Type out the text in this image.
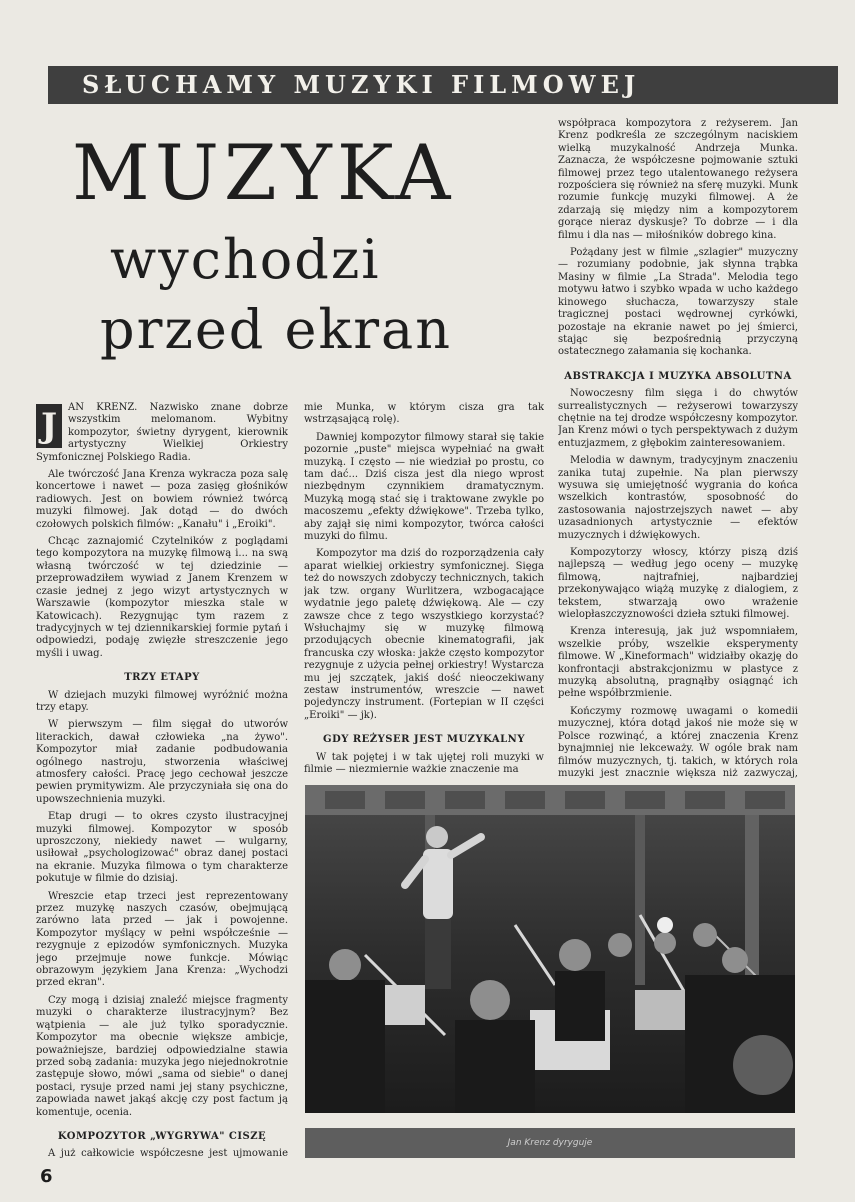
SŁUCHAMY MUZYKI FILMOWEJ
MUZYKA
wychodzi
przed ekran

J	AN KRENZ. Nazwisko znane dobrze wszystkim melomanom. Wybitny kompozytor, świetny dyrygent, kierownik artystyczny Wielkiej Orkiestry Symfonicznej Polskiego Radia.

Ale twórczość Jana Krenza wykracza poza salę koncertowe i nawet — poza zasięg głośników radiowych. Jest on bowiem również twórcą muzyki filmowej. Jak dotąd — do dwóch czołowych polskich filmów: „Kanału" i „Eroiki".

Chcąc zaznajomić Czytelników z poglądami tego kompozytora na muzykę filmową i... na swą własną twórczość w tej dziedzinie — przeprowadziłem wywiad z Janem Krenzem w czasie jednej z jego wizyt artystycznych w Warszawie (kompozytor mieszka stale w Katowicach). Rezygnując tym razem z tradycyjnych w tej dziennikarskiej formie pytań i odpowiedzi, podaję zwięzłe streszczenie jego myśli i uwag.

TRZY ETAPY

W dziejach muzyki filmowej wyróżnić można trzy etapy.

W pierwszym — film sięgał do utworów literackich, dawał człowieka „na żywo". Kompozytor miał zadanie podbudowania ogólnego nastroju, stworzenia właściwej atmosfery całości. Pracę jego cechował jeszcze pewien prymitywizm. Ale przyczyniała się ona do upowszechnienia muzyki.

Etap drugi — to okres czysto ilustracyjnej muzyki filmowej. Kompozytor w sposób uproszczony, niekiedy nawet — wulgarny, usiłował „psychologizować" obraz danej postaci na ekranie. Muzyka filmowa o tym charakterze pokutuje w filmie do dzisiaj.

Wreszcie etap trzeci jest reprezentowany przez muzykę naszych czasów, obejmującą zarówno lata przed — jak i powojenne. Kompozytor myślący w pełni współcześnie — rezygnuje z epizodów symfonicznych. Muzyka jego przejmuje nowe funkcje. Mówiąc obrazowym językiem Jana Krenza: „Wychodzi przed ekran".

Czy mogą i dzisiaj znaleźć miejsce fragmenty muzyki o charakterze ilustracyjnym? Bez wątpienia — ale już tylko sporadycznie. Kompozytor ma obecnie większe ambicje, poważniejsze, bardziej odpowiedzialne stawia przed sobą zadania: muzyka jego niejednokrotnie zastępuje słowo, mówi „sama od siebie" o danej postaci, rysuje przed nami jej stany psychiczne, zapowiada nawet jakąś akcję czy post factum ją komentuje, ocenia.

KOMPOZYTOR „WYGRYWA" CISZĘ

A już całkowicie współczesne jest ujmowanie

mie Munka, w którym cisza gra tak wstrząsającą rolę).

Dawniej kompozytor filmowy starał się takie pozornie „puste" miejsca wypełniać na gwałt muzyką. I często — nie wiedział po prostu, co tam dać... Dziś cisza jest dla niego wprost niezbędnym czynnikiem dramatycznym. Muzyką mogą stać się i traktowane zwykle po macoszemu „efekty dźwiękowe". Trzeba tylko, aby zajął się nimi kompozytor, twórca całości muzyki do filmu.

Kompozytor ma dziś do rozporządzenia cały aparat wielkiej orkiestry symfonicznej. Sięga też do nowszych zdobyczy technicznych, takich jak tzw. organy Wurlitzera, wzbogacające wydatnie jego paletę dźwiękową. Ale — czy zawsze chce z tego wszystkiego korzystać? Wsłuchajmy się w muzykę filmową przodujących obecnie kinematografii, jak francuska czy włoska: jakże często kompozytor rezygnuje z użycia pełnej orkiestry! Wystarcza mu jej szczątek, jakiś dość nieoczekiwany zestaw instrumentów, wreszcie — nawet pojedynczy instrument. (Fortepian w II części „Eroiki" — jk).

GDY REŻYSER JEST MUZYKALNY

W tak pojętej i w tak ujętej roli muzyki w filmie — niezmiernie ważkie znaczenie ma

współpraca kompozytora z reżyserem. Jan Krenz podkreśla ze szczególnym naciskiem wielką muzykalność Andrzeja Munka. Zaznacza, że współczesne pojmowanie sztuki filmowej przez tego utalentowanego reżysera rozpościera się również na sferę muzyki. Munk rozumie funkcję muzyki filmowej. A że zdarzają się między nim a kompozytorem gorące nieraz dyskusje? To dobrze — i dla filmu i dla nas — miłośników dobrego kina.

Pożądany jest w filmie „szlagier" muzyczny — rozumiany podobnie, jak słynna trąbka Masiny w filmie „La Strada". Melodia tego motywu łatwo i szybko wpada w ucho każdego kinowego słuchacza, towarzyszy stale tragicznej postaci wędrownej cyrkówki, pozostaje na ekranie nawet po jej śmierci, stając się bezpośrednią przyczyną ostatecznego załamania się kochanka.

ABSTRAKCJA I MUZYKA ABSOLUTNA

Nowoczesny film sięga i do chwytów surrealistycznych — reżyserowi towarzyszy chętnie na tej drodze współczesny kompozytor. Jan Krenz mówi o tych perspektywach z dużym entuzjazmem, z głębokim zainteresowaniem.

Melodia w dawnym, tradycyjnym znaczeniu zanika tutaj zupełnie. Na plan pierwszy wysuwa się umiejętność wygrania do końca wszelkich kontrastów, sposobność do zastosowania najostrzejszych nawet — aby uzasadnionych artystycznie — efektów muzycznych i dźwiękowych.

Kompozytorzy włoscy, którzy piszą dziś najlepszą — według jego oceny — muzykę filmową, najtrafniej, najbardziej przekonywająco wiążą muzykę z dialogiem, z tekstem, stwarzają owo wrażenie wielopłaszczyznowości dzieła sztuki filmowej.

Krenza interesują, jak już wspomniałem, wszelkie próby, wszelkie eksperymenty filmowe. W „Kineformach" widziałby okazję do konfrontacji abstrakcjonizmu w plastyce z muzyką absolutną, pragnąłby osiągnąć ich pełne współbrzmienie.

Kończymy rozmowę uwagami o komedii muzycznej, która dotąd jakoś nie może się w Polsce rozwinąć, a której znaczenia Krenz bynajmniej nie lekceważy. W ogóle brak nam filmów muzycznych, tj. takich, w których rola muzyki jest znacznie większa niż zazwyczaj,

Jan Krenz dyryguje
6
